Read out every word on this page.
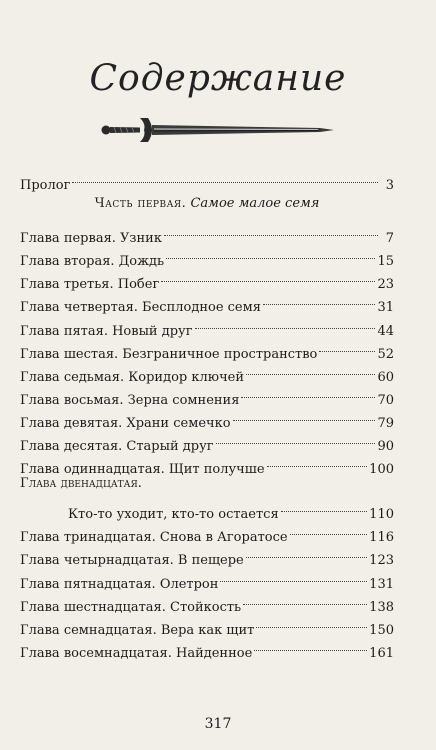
Содержание
Пролог	3
Часть первая. Самое малое семя
Глава первая. Узник	7
Глава вторая. Дождь	15
Глава третья. Побег	23
Глава четвертая. Бесплодное семя	31
Глава пятая. Новый друг	44
Глава шестая. Безграничное пространство	52
Глава седьмая. Коридор ключей	60
Глава восьмая. Зерна сомнения	70
Глава девятая. Храни семечко	79
Глава десятая. Старый друг	90
Глава одиннадцатая. Щит получше	100
Глава двенадцатая.
Кто-то уходит, кто-то остается	110
Глава тринадцатая. Снова в Агоратосе	116
Глава четырнадцатая. В пещере	123
Глава пятнадцатая. Олетрон	131
Глава шестнадцатая. Стойкость	138
Глава семнадцатая. Вера как щит	150
Глава восемнадцатая. Найденное	161
317
